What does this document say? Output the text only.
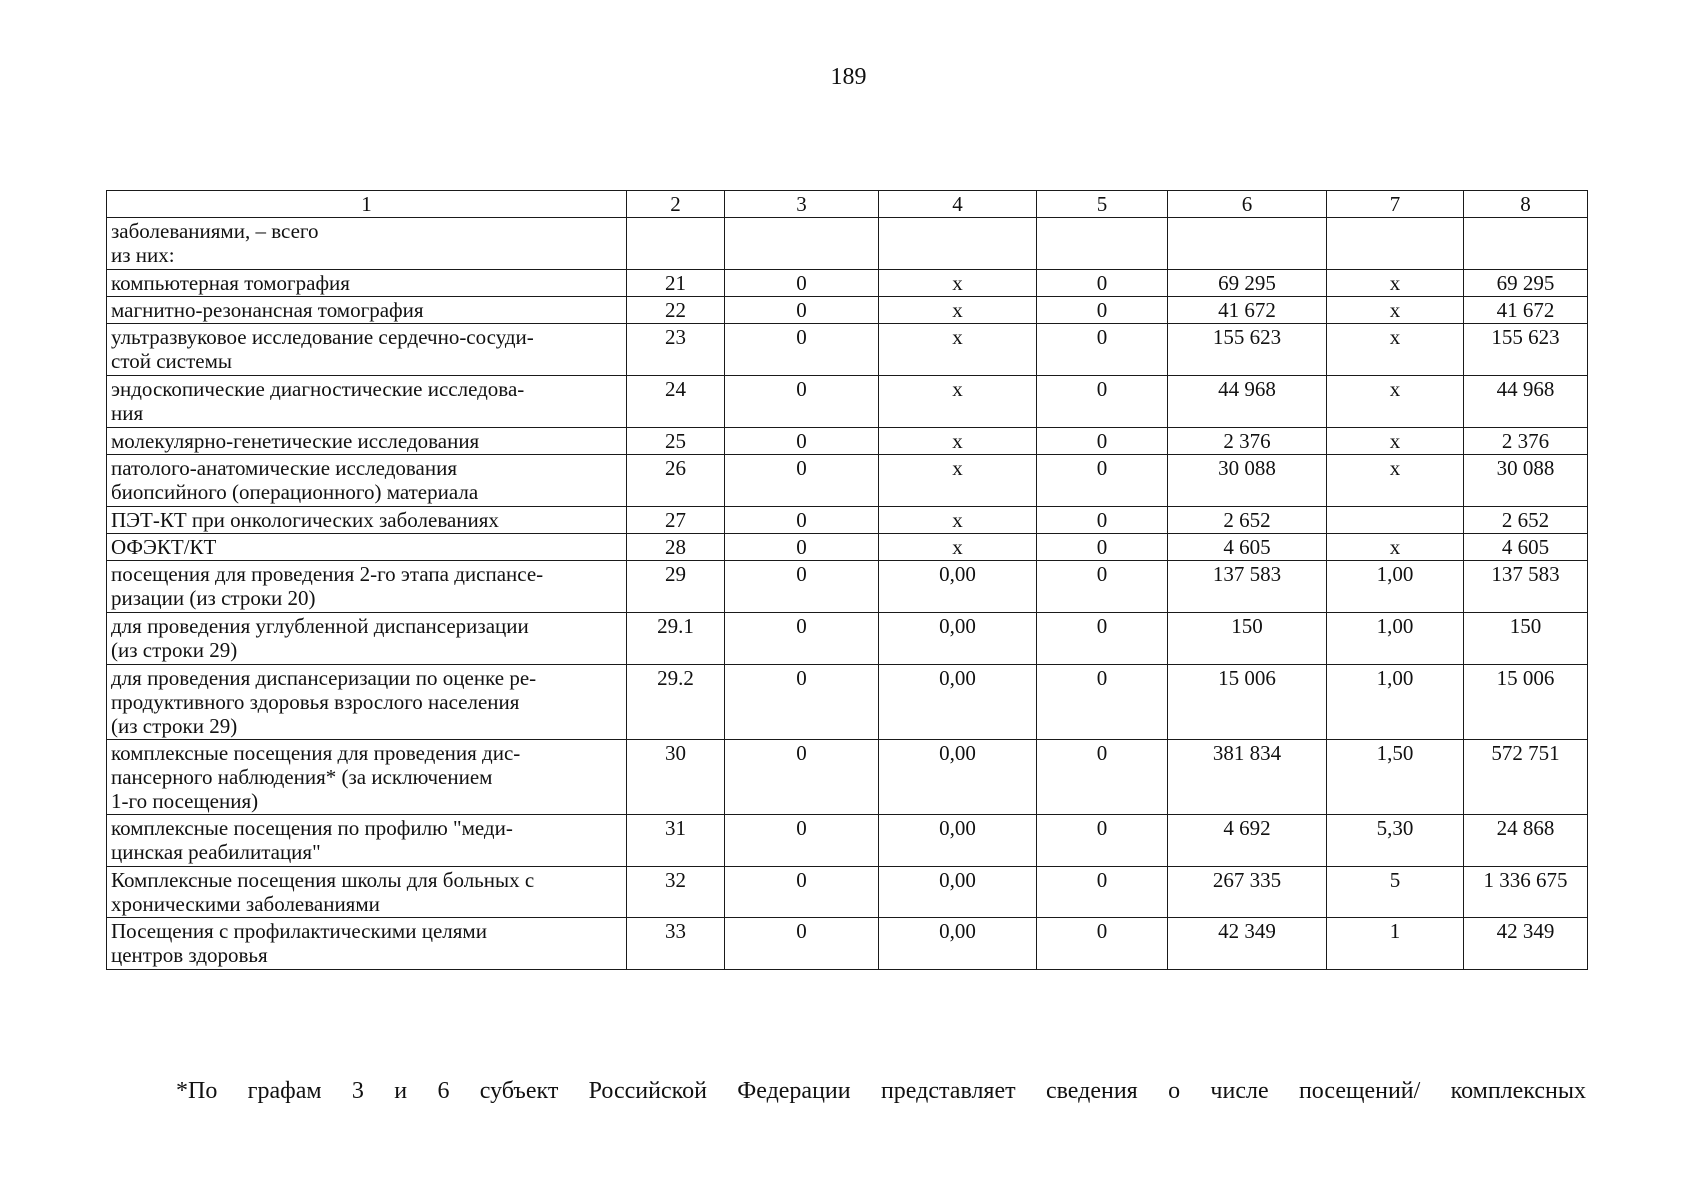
189
1	2	3	4	5	6	7	8
заболеваниями, – всего
из них:							
компьютерная томография	21	0	х	0	69 295	х	69 295
магнитно-резонансная томография	22	0	х	0	41 672	х	41 672
ультразвуковое исследование сердечно-сосуди-
стой системы	23	0	х	0	155 623	х	155 623
эндоскопические диагностические исследова-
ния	24	0	х	0	44 968	х	44 968
молекулярно-генетические исследования	25	0	х	0	2 376	х	2 376
патолого-анатомические исследования
биопсийного (операционного) материала	26	0	х	0	30 088	х	30 088
ПЭТ-КТ при онкологических заболеваниях	27	0	х	0	2 652		2 652
ОФЭКТ/КТ	28	0	х	0	4 605	х	4 605
посещения для проведения 2-го этапа диспансе-
ризации (из строки 20)	29	0	0,00	0	137 583	1,00	137 583
для проведения углубленной диспансеризации
(из строки 29)	29.1	0	0,00	0	150	1,00	150
для проведения диспансеризации по оценке ре-
продуктивного здоровья взрослого населения
(из строки 29)	29.2	0	0,00	0	15 006	1,00	15 006
комплексные посещения для проведения дис-
пансерного наблюдения* (за исключением
1-го посещения)	30	0	0,00	0	381 834	1,50	572 751
комплексные посещения по профилю "меди-
цинская реабилитация"	31	0	0,00	0	4 692	5,30	24 868
Комплексные посещения школы для больных с
хроническими заболеваниями	32	0	0,00	0	267 335	5	1 336 675
Посещения с профилактическими целями
центров здоровья	33	0	0,00	0	42 349	1	42 349
*По графам 3 и 6 субъект Российской Федерации представляет сведения о числе посещений/ комплексных
